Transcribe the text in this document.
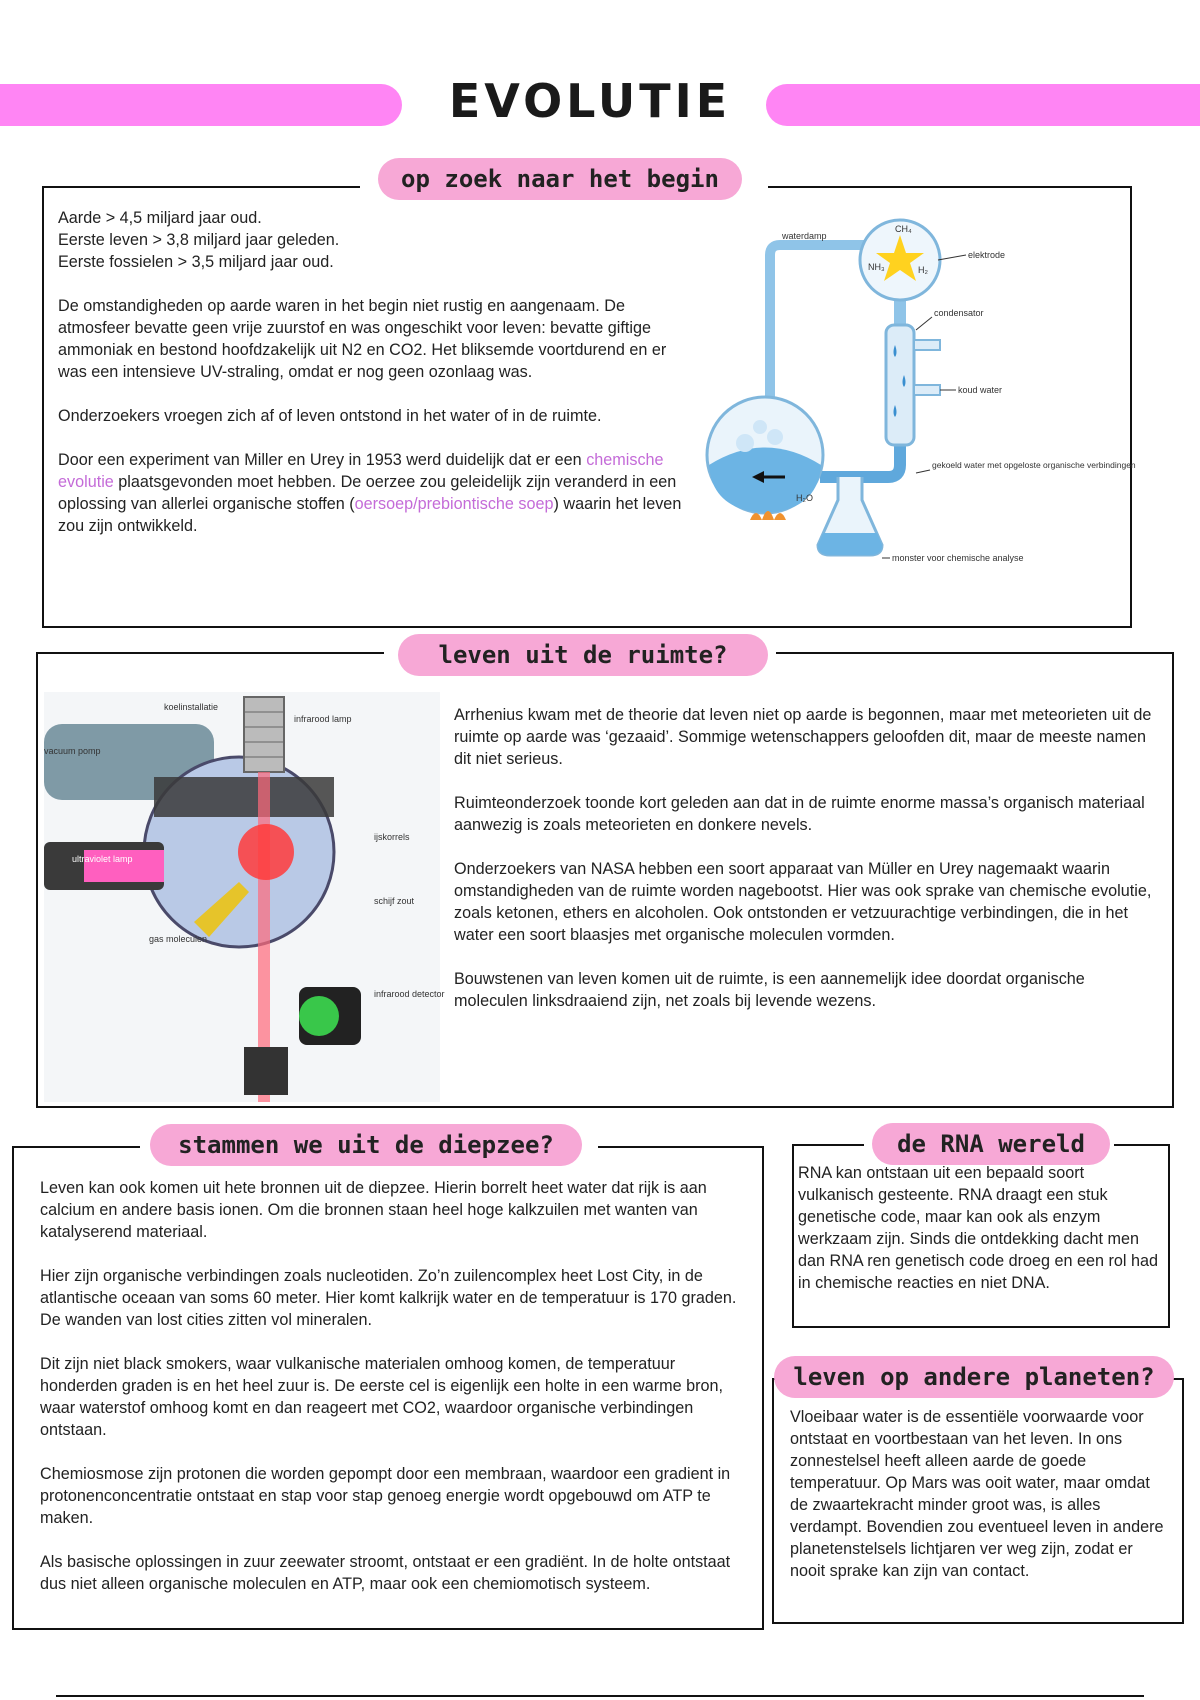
EVOLUTIE
op zoek naar het begin

Aarde > 4,5 miljard jaar oud.
Eerste leven > 3,8 miljard jaar geleden.
Eerste fossielen > 3,5 miljard jaar oud.

De omstandigheden op aarde waren in het begin niet rustig en aangenaam. De atmosfeer bevatte geen vrije zuurstof en was ongeschikt voor leven: bevatte giftige ammoniak en bestond hoofdzakelijk uit N2 en CO2. Het bliksemde voortdurend en er was een intensieve UV-straling, omdat er nog geen ozonlaag was.

Onderzoekers vroegen zich af of leven ontstond in het water of in de ruimte.

Door een experiment van Miller en Urey in 1953 werd duidelijk dat er een chemische evolutie plaatsgevonden moet hebben. De oerzee zou geleidelijk zijn veranderd in een oplossing van allerlei organische stoffen (oersoep/prebiontische soep) waarin het leven zou zijn ontwikkeld.

CH₄
NH₃	H₂
waterdamp
elektrode
condensator
koud water
gekoeld water met opgeloste organische verbindingen
H₂O
monster voor chemische analyse
leven uit de ruimte?
koelinstallatie
infrarood lamp
vacuum pomp
ijskorrels
ultraviolet lamp
schijf zout
gas moleculen
infrarood detector

Arrhenius kwam met de theorie dat leven niet op aarde is begonnen, maar met meteorieten uit de ruimte op aarde was ‘gezaaid’. Sommige wetenschappers geloofden dit, maar de meeste namen dit niet serieus.

Ruimteonderzoek toonde kort geleden aan dat in de ruimte enorme massa’s organisch materiaal aanwezig is zoals meteorieten en donkere nevels.

Onderzoekers van NASA hebben een soort apparaat van Müller en Urey nagemaakt waarin omstandigheden van de ruimte worden nagebootst. Hier was ook sprake van chemische evolutie, zoals ketonen, ethers en alcoholen. Ook ontstonden er vetzuurachtige verbindingen, die in het water een soort blaasjes met organische moleculen vormden.

Bouwstenen van leven komen uit de ruimte, is een aannemelijk idee doordat organische moleculen linksdraaiend zijn, net zoals bij levende wezens.

stammen we uit de diepzee?

Leven kan ook komen uit hete bronnen uit de diepzee. Hierin borrelt heet water dat rijk is aan calcium en andere basis ionen. Om die bronnen staan heel hoge kalkzuilen met wanten van katalyserend materiaal.

Hier zijn organische verbindingen zoals nucleotiden. Zo’n zuilencomplex heet Lost City, in de atlantische oceaan van soms 60 meter. Hier komt kalkrijk water en de temperatuur is 170 graden. De wanden van lost cities zitten vol mineralen.

Dit zijn niet black smokers, waar vulkanische materialen omhoog komen, de temperatuur honderden graden is en het heel zuur is. De eerste cel is eigenlijk een holte in een warme bron, waar waterstof omhoog komt en dan reageert met CO2, waardoor organische verbindingen ontstaan.

Chemiosmose zijn protonen die worden gepompt door een membraan, waardoor een gradient in protonenconcentratie ontstaat en stap voor stap genoeg energie wordt opgebouwd om ATP te maken.

Als basische oplossingen in zuur zeewater stroomt, ontstaat er een gradiënt. In de holte ontstaat dus niet alleen organische moleculen en ATP, maar ook een chemiomotisch systeem.

de RNA wereld

RNA kan ontstaan uit een bepaald soort vulkanisch gesteente. RNA draagt een stuk genetische code, maar kan ook als enzym werkzaam zijn. Sinds die ontdekking dacht men dan RNA ren genetisch code droeg en een rol had in chemische reacties en niet DNA.

leven op andere planeten?

Vloeibaar water is de essentiële voorwaarde voor ontstaat en voortbestaan van het leven. In ons zonnestelsel heeft alleen aarde de goede temperatuur. Op Mars was ooit water, maar omdat de zwaartekracht minder groot was, is alles verdampt. Bovendien zou eventueel leven in andere planetenstelsels lichtjaren ver weg zijn, zodat er nooit sprake kan zijn van contact.
